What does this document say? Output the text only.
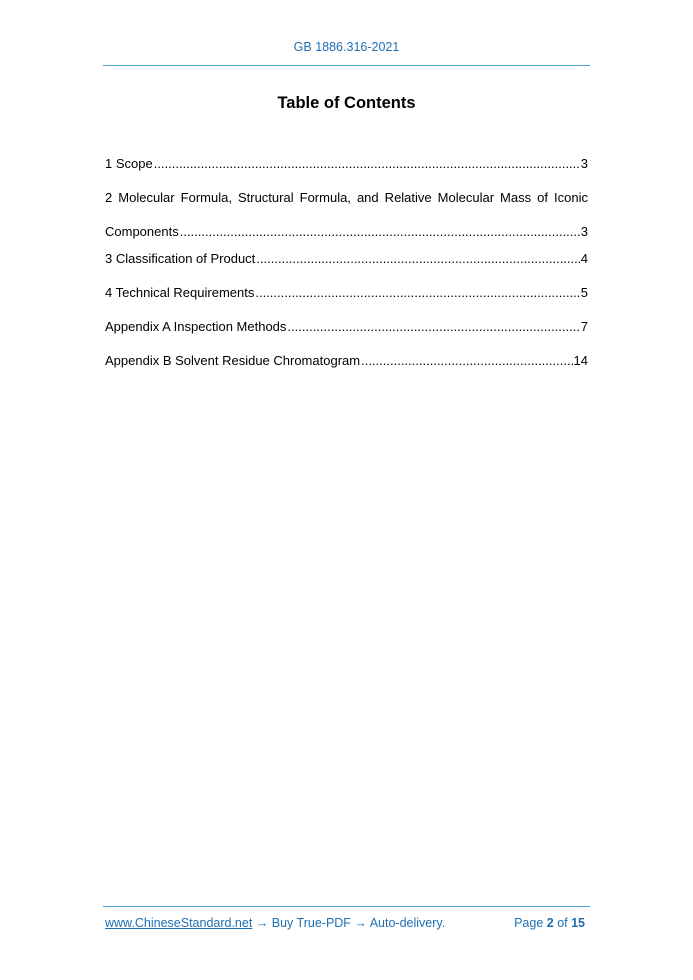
GB 1886.316-2021
Table of Contents
1 Scope .....	3
2 Molecular Formula, Structural Formula, and Relative Molecular Mass of Iconic
Components .....	3
3 Classification of Product .....	4
4 Technical Requirements .....	5
Appendix A Inspection Methods .....	7
Appendix B Solvent Residue Chromatogram .....	14
www.ChineseStandard.net → Buy True-PDF → Auto-delivery.	Page 2 of 15
